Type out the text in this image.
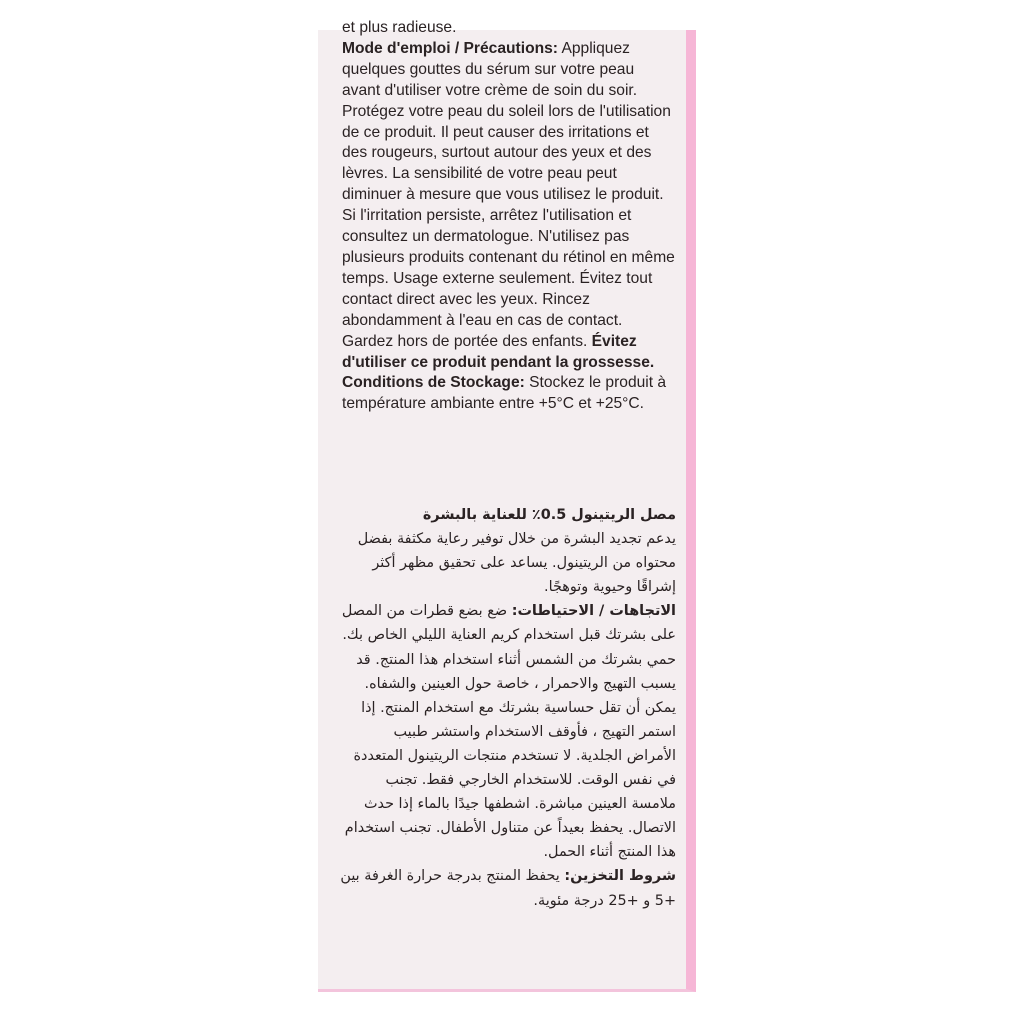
et plus radieuse.

Mode d'emploi / Précautions: Appliquez quelques gouttes du sérum sur votre peau avant d'utiliser votre crème de soin du soir. Protégez votre peau du soleil lors de l'utilisation de ce produit. Il peut causer des irritations et des rougeurs, surtout autour des yeux et des lèvres. La sensibilité de votre peau peut diminuer à mesure que vous utilisez le produit. Si l'irritation persiste, arrêtez l'utilisation et consultez un dermatologue. N'utilisez pas plusieurs produits contenant du rétinol en même temps. Usage externe seulement. Évitez tout contact direct avec les yeux. Rincez abondamment à l'eau en cas de contact. Gardez hors de portée des enfants. Évitez d'utiliser ce produit pendant la grossesse.

Conditions de Stockage: Stockez le produit à température ambiante entre +5°C et +25°C.

مصل الريتينول 0.5٪ للعناية بالبشرة

يدعم تجديد البشرة من خلال توفير رعاية مكثفة بفضل محتواه من الريتينول. يساعد على تحقيق مظهر أكثر إشراقًا وحيوية وتوهجًا.

الاتجاهات / الاحتياطات: ضع بضع قطرات من المصل على بشرتك قبل استخدام كريم العناية الليلي الخاص بك. حمي بشرتك من الشمس أثناء استخدام هذا المنتج. قد يسبب التهيج والاحمرار ، خاصة حول العينين والشفاه. يمكن أن تقل حساسية بشرتك مع استخدام المنتج. إذا استمر التهيج ، فأوقف الاستخدام واستشر طبيب الأمراض الجلدية. لا تستخدم منتجات الريتينول المتعددة في نفس الوقت. للاستخدام الخارجي فقط. تجنب ملامسة العينين مباشرة. اشطفها جيدًا بالماء إذا حدث الاتصال. يحفظ بعيداً عن متناول الأطفال. تجنب استخدام هذا المنتج أثناء الحمل.

شروط التخزين: يحفظ المنتج بدرجة حرارة الغرفة بين +5 و +25 درجة مئوية.
